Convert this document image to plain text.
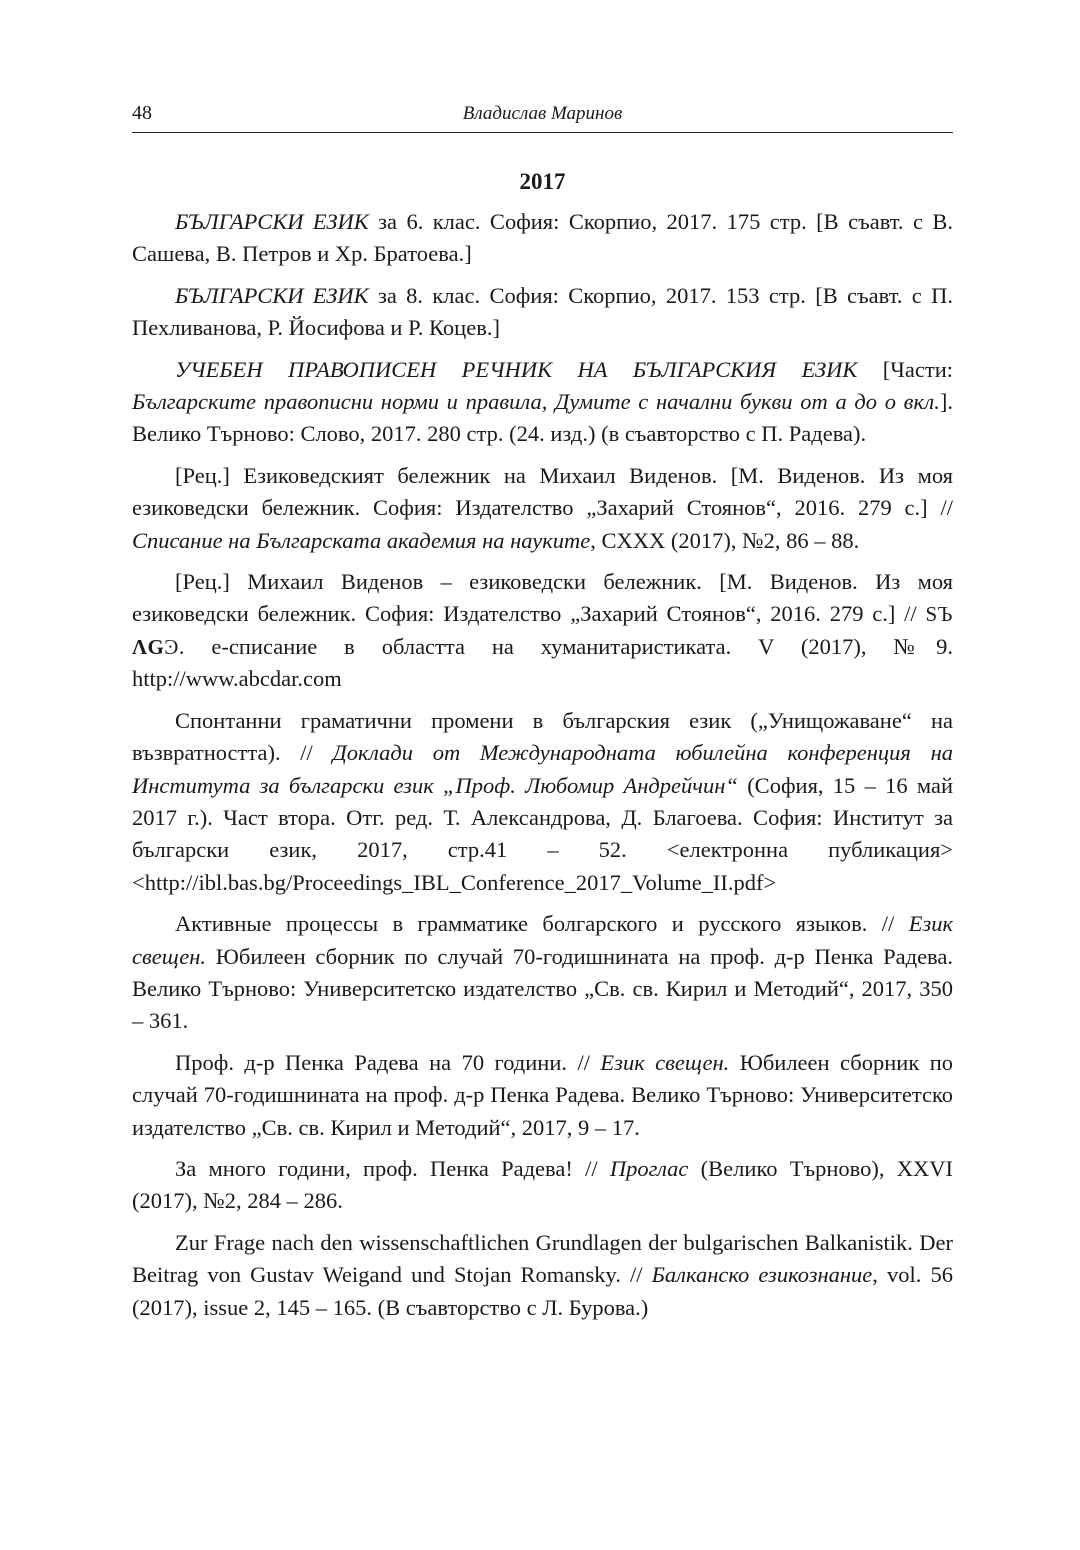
48	Владислав Маринов
2017

БЪЛГАРСКИ ЕЗИК за 6. клас. София: Скорпио, 2017. 175 стр. [В съавт. с В. Сашева, В. Петров и Хр. Братоева.]

БЪЛГАРСКИ ЕЗИК за 8. клас. София: Скорпио, 2017. 153 стр. [В съавт. с П. Пехливанова, Р. Йосифова и Р. Коцев.]

УЧЕБЕН ПРАВОПИСЕН РЕЧНИК НА БЪЛГАРСКИЯ ЕЗИК [Части: Българските правописни норми и правила, Думите с начални букви от а до о вкл.]. Велико Търново: Слово, 2017. 280 стр. (24. изд.) (в съавторство с П. Радева).

[Рец.] Езиковедският бележник на Михаил Виденов. [М. Виденов. Из моя езиковедски бележник. София: Издателство „Захарий Стоянов“, 2016. 279 с.] // Списание на Българската академия на науките, CXXX (2017), №2, 86 – 88.

[Рец.] Михаил Виденов – езиковедски бележник. [М. Виденов. Из моя езиковедски бележник. София: Издателство „Захарий Стоянов“, 2016. 279 с.] // SЪ ΛGϿ. е-списание в областта на хуманитаристиката. V (2017), №9. http://www.abcdar.com

Спонтанни граматични промени в българския език („Унищожаване“ на възвратността). // Доклади от Международната юбилейна конференция на Института за български език „Проф. Любомир Андрейчин“ (София, 15 – 16 май 2017 г.). Част втора. Отг. ред. Т. Александрова, Д. Благоева. София: Институт за български език, 2017, стр.41 – 52. <електронна публикация> <http://ibl.bas.bg/Proceedings_IBL_Conference_2017_Volume_II.pdf>

Активные процессы в грамматике болгарского и русского языков. // Език свещен. Юбилеен сборник по случай 70-годишнината на проф. д-р Пенка Радева. Велико Търново: Университетско издателство „Св. св. Кирил и Методий“, 2017, 350 – 361.

Проф. д-р Пенка Радева на 70 години. // Език свещен. Юбилеен сборник по случай 70-годишнината на проф. д-р Пенка Радева. Велико Търново: Университетско издателство „Св. св. Кирил и Методий“, 2017, 9 – 17.

За много години, проф. Пенка Радева! // Проглас (Велико Търново), XXVI (2017), №2, 284 – 286.

Zur Frage nach den wissenschaftlichen Grundlagen der bulgarischen Balkanistik. Der Beitrag von Gustav Weigand und Stojan Romansky. // Балканско езикознание, vol. 56 (2017), issue 2, 145 – 165. (В съавторство с Л. Бурова.)
